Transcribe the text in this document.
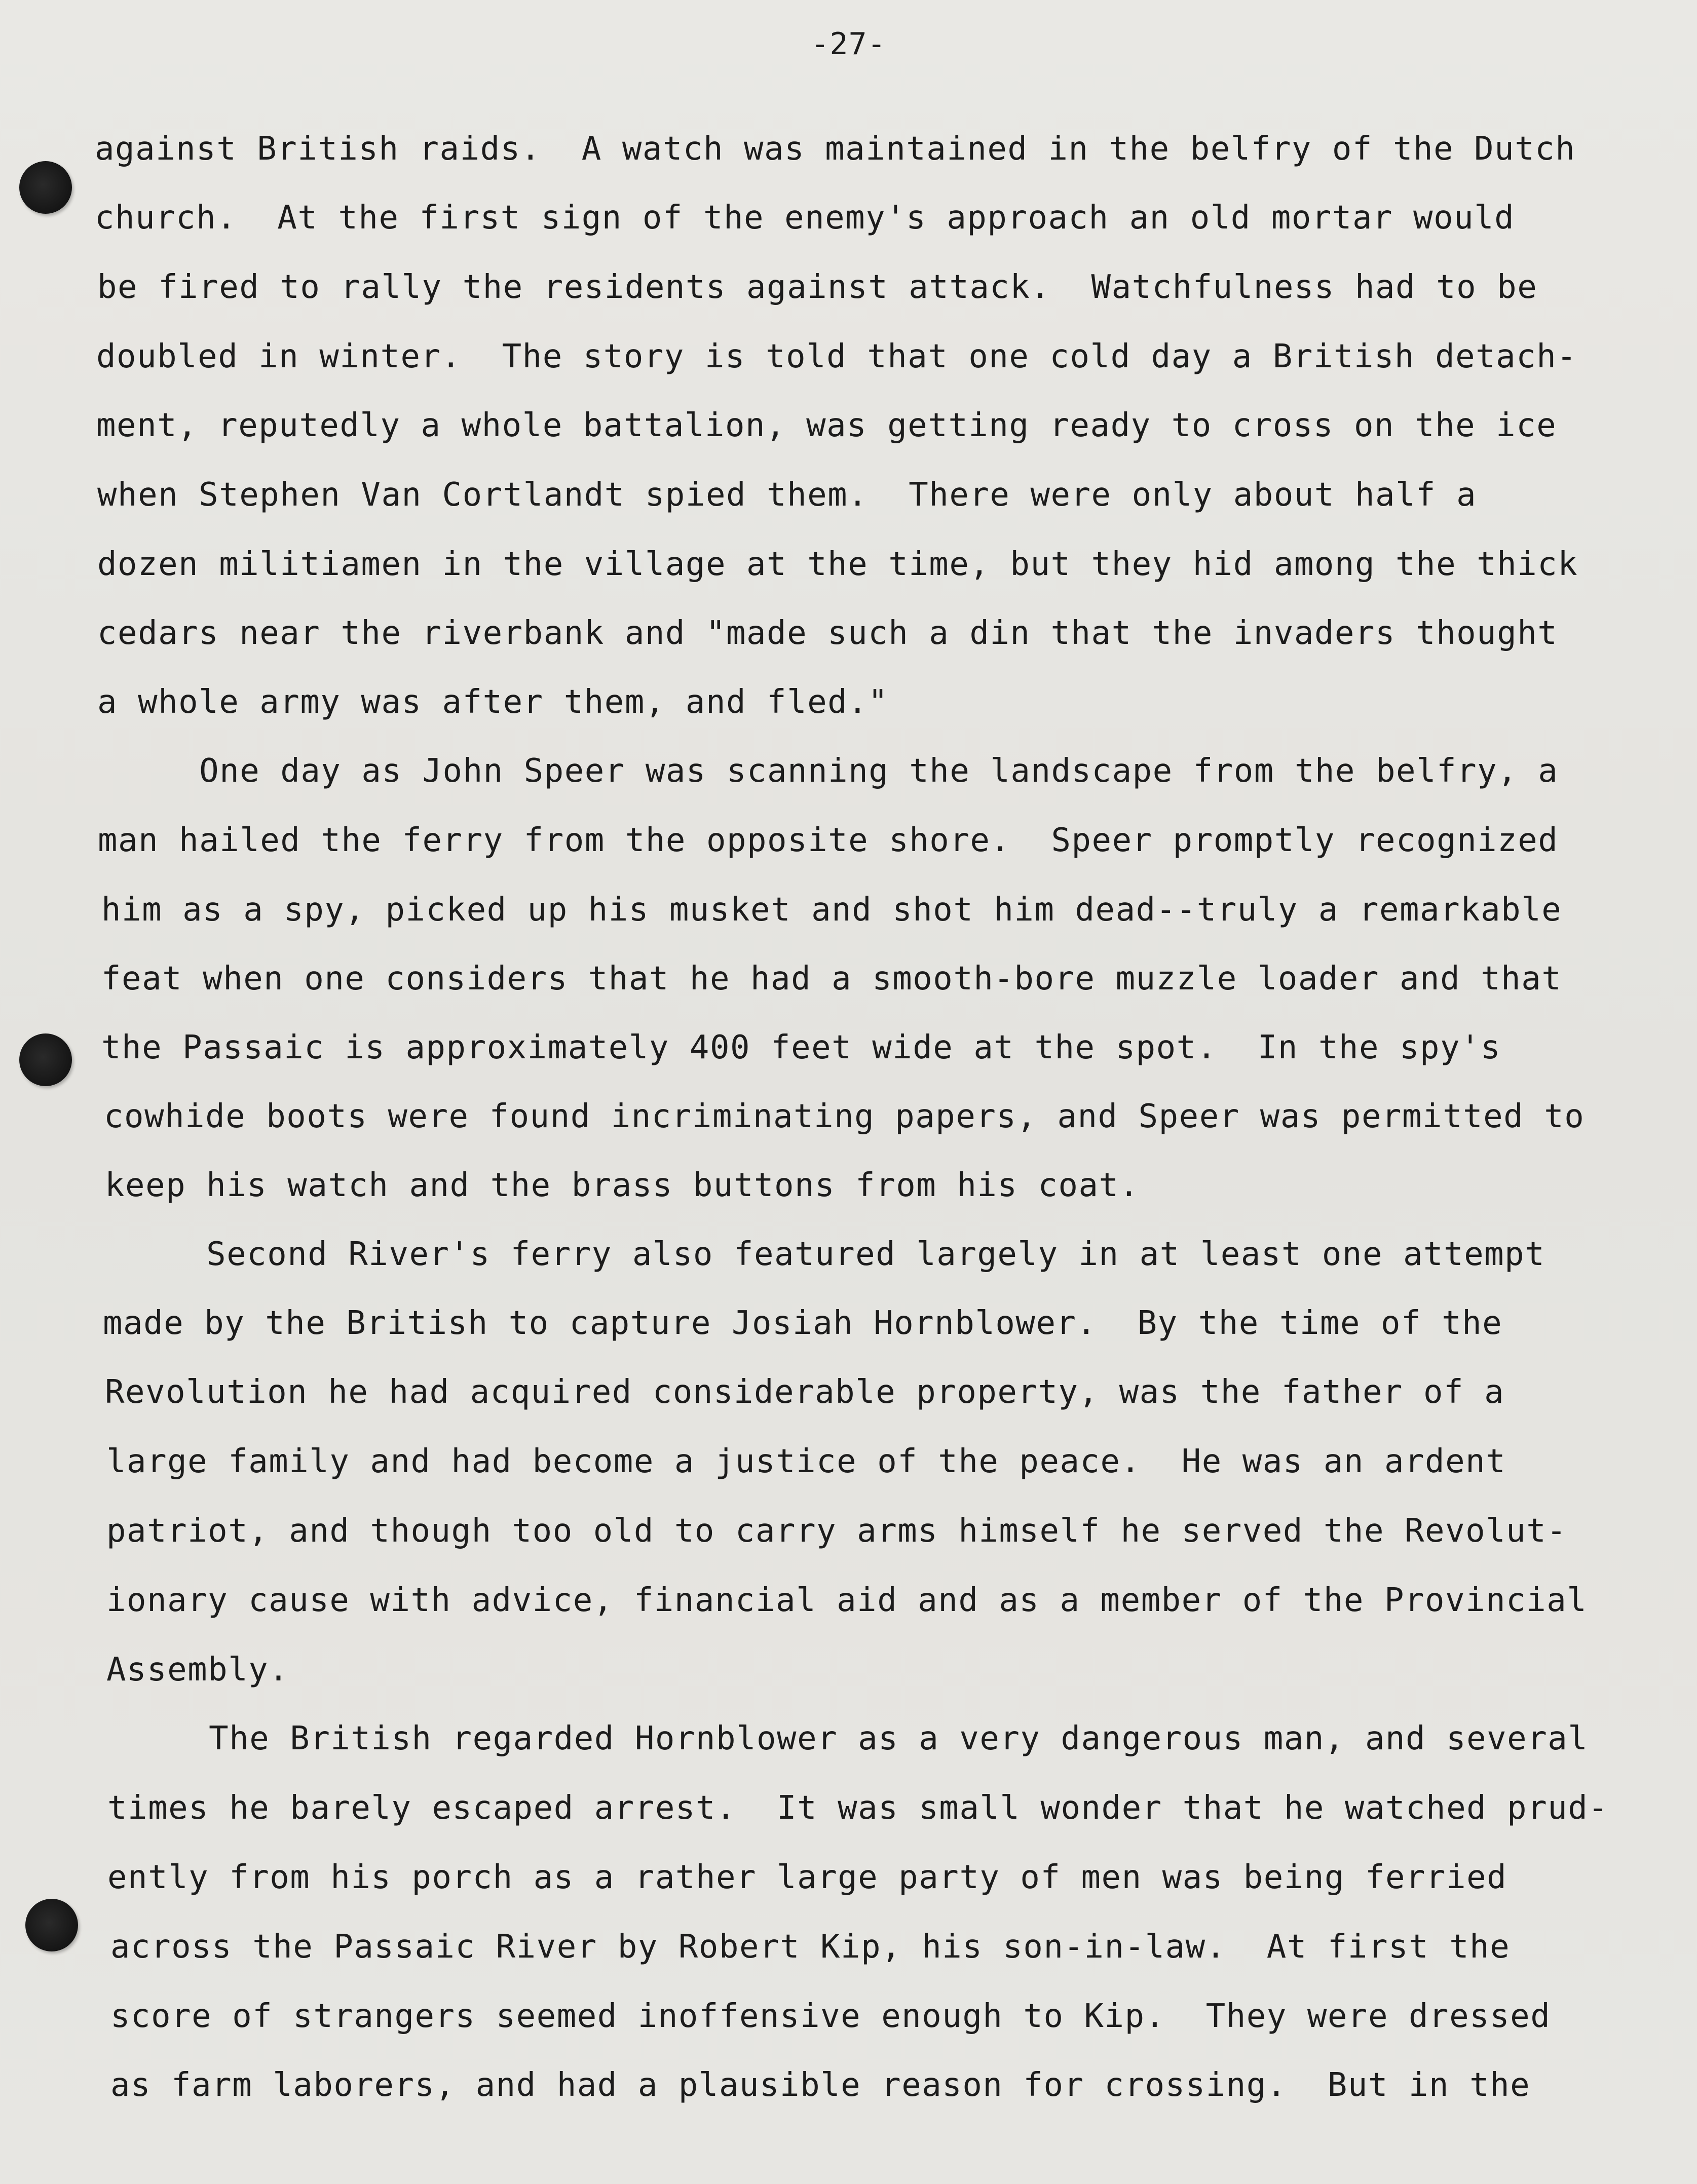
-27-
against British raids.  A watch was maintained in the belfry of the Dutch
church.  At the first sign of the enemy's approach an old mortar would
be fired to rally the residents against attack.  Watchfulness had to be
doubled in winter.  The story is told that one cold day a British detach-
ment, reputedly a whole battalion, was getting ready to cross on the ice
when Stephen Van Cortlandt spied them.  There were only about half a
dozen militiamen in the village at the time, but they hid among the thick
cedars near the riverbank and "made such a din that the invaders thought
a whole army was after them, and fled."
One day as John Speer was scanning the landscape from the belfry, a
man hailed the ferry from the opposite shore.  Speer promptly recognized
him as a spy, picked up his musket and shot him dead--truly a remarkable
feat when one considers that he had a smooth-bore muzzle loader and that
the Passaic is approximately 400 feet wide at the spot.  In the spy's
cowhide boots were found incriminating papers, and Speer was permitted to
keep his watch and the brass buttons from his coat.
Second River's ferry also featured largely in at least one attempt
made by the British to capture Josiah Hornblower.  By the time of the
Revolution he had acquired considerable property, was the father of a
large family and had become a justice of the peace.  He was an ardent
patriot, and though too old to carry arms himself he served the Revolut-
ionary cause with advice, financial aid and as a member of the Provincial
Assembly.
The British regarded Hornblower as a very dangerous man, and several
times he barely escaped arrest.  It was small wonder that he watched prud-
ently from his porch as a rather large party of men was being ferried
across the Passaic River by Robert Kip, his son-in-law.  At first the
score of strangers seemed inoffensive enough to Kip.  They were dressed
as farm laborers, and had a plausible reason for crossing.  But in the
